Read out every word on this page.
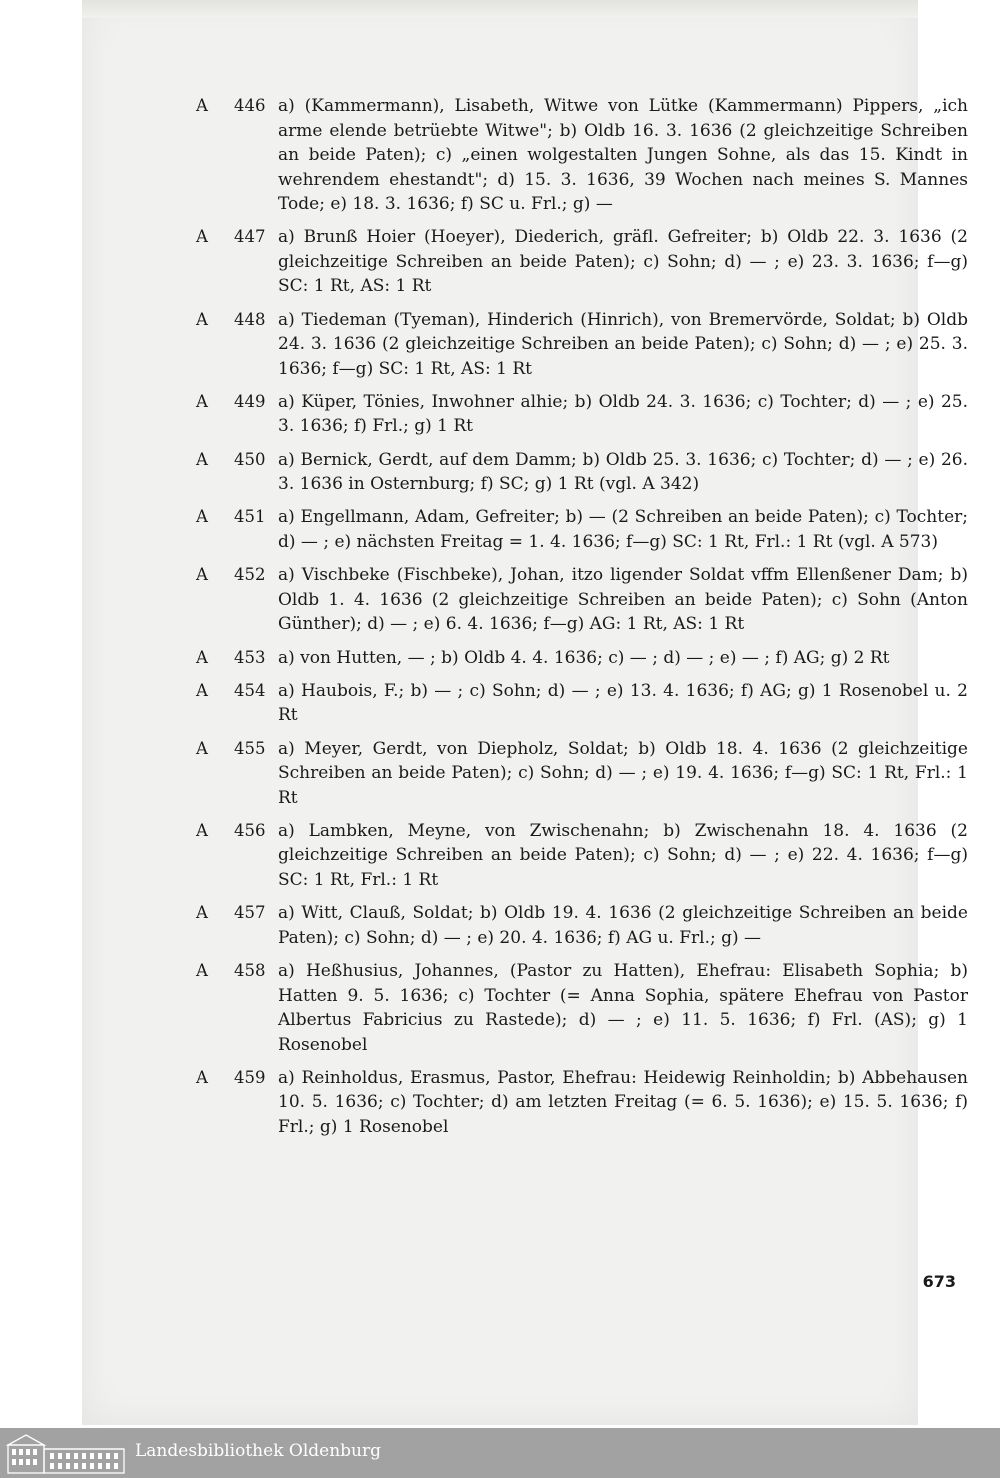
A 446 a) (Kammermann), Lisabeth, Witwe von Lütke (Kammermann) Pippers, „ich arme elende betrüebte Witwe"; b) Oldb 16. 3. 1636 (2 gleichzeitige Schreiben an beide Paten); c) „einen wolgestalten Jungen Sohne, als das 15. Kindt in wehrendem ehestandt"; d) 15. 3. 1636, 39 Wochen nach meines S. Mannes Tode; e) 18. 3. 1636; f) SC u. Frl.; g) —
A 447 a) Brunß Hoier (Hoeyer), Diederich, gräfl. Gefreiter; b) Oldb 22. 3. 1636 (2 gleichzeitige Schreiben an beide Paten); c) Sohn; d) — ; e) 23. 3. 1636; f—g) SC: 1 Rt, AS: 1 Rt
A 448 a) Tiedeman (Tyeman), Hinderich (Hinrich), von Bremervörde, Soldat; b) Oldb 24. 3. 1636 (2 gleichzeitige Schreiben an beide Paten); c) Sohn; d) — ; e) 25. 3. 1636; f—g) SC: 1 Rt, AS: 1 Rt
A 449 a) Küper, Tönies, Inwohner alhie; b) Oldb 24. 3. 1636; c) Tochter; d) — ; e) 25. 3. 1636; f) Frl.; g) 1 Rt
A 450 a) Bernick, Gerdt, auf dem Damm; b) Oldb 25. 3. 1636; c) Tochter; d) — ; e) 26. 3. 1636 in Osternburg; f) SC; g) 1 Rt (vgl. A 342)
A 451 a) Engellmann, Adam, Gefreiter; b) — (2 Schreiben an beide Paten); c) Tochter; d) — ; e) nächsten Freitag = 1. 4. 1636; f—g) SC: 1 Rt, Frl.: 1 Rt (vgl. A 573)
A 452 a) Vischbeke (Fischbeke), Johan, itzo ligender Soldat vffm Ellenßener Dam; b) Oldb 1. 4. 1636 (2 gleichzeitige Schreiben an beide Paten); c) Sohn (Anton Günther); d) — ; e) 6. 4. 1636; f—g) AG: 1 Rt, AS: 1 Rt
A 453 a) von Hutten, — ; b) Oldb 4. 4. 1636; c) — ; d) — ; e) — ; f) AG; g) 2 Rt
A 454 a) Haubois, F.; b) — ; c) Sohn; d) — ; e) 13. 4. 1636; f) AG; g) 1 Rosenobel u. 2 Rt
A 455 a) Meyer, Gerdt, von Diepholz, Soldat; b) Oldb 18. 4. 1636 (2 gleichzeitige Schreiben an beide Paten); c) Sohn; d) — ; e) 19. 4. 1636; f—g) SC: 1 Rt, Frl.: 1 Rt
A 456 a) Lambken, Meyne, von Zwischenahn; b) Zwischenahn 18. 4. 1636 (2 gleichzeitige Schreiben an beide Paten); c) Sohn; d) — ; e) 22. 4. 1636; f—g) SC: 1 Rt, Frl.: 1 Rt
A 457 a) Witt, Clauß, Soldat; b) Oldb 19. 4. 1636 (2 gleichzeitige Schreiben an beide Paten); c) Sohn; d) — ; e) 20. 4. 1636; f) AG u. Frl.; g) —
A 458 a) Heßhusius, Johannes, (Pastor zu Hatten), Ehefrau: Elisabeth Sophia; b) Hatten 9. 5. 1636; c) Tochter (= Anna Sophia, spätere Ehefrau von Pastor Albertus Fabricius zu Rastede); d) — ; e) 11. 5. 1636; f) Frl. (AS); g) 1 Rosenobel
A 459 a) Reinholdus, Erasmus, Pastor, Ehefrau: Heidewig Reinholdin; b) Abbehausen 10. 5. 1636; c) Tochter; d) am letzten Freitag (= 6. 5. 1636); e) 15. 5. 1636; f) Frl.; g) 1 Rosenobel
673
Landesbibliothek Oldenburg
